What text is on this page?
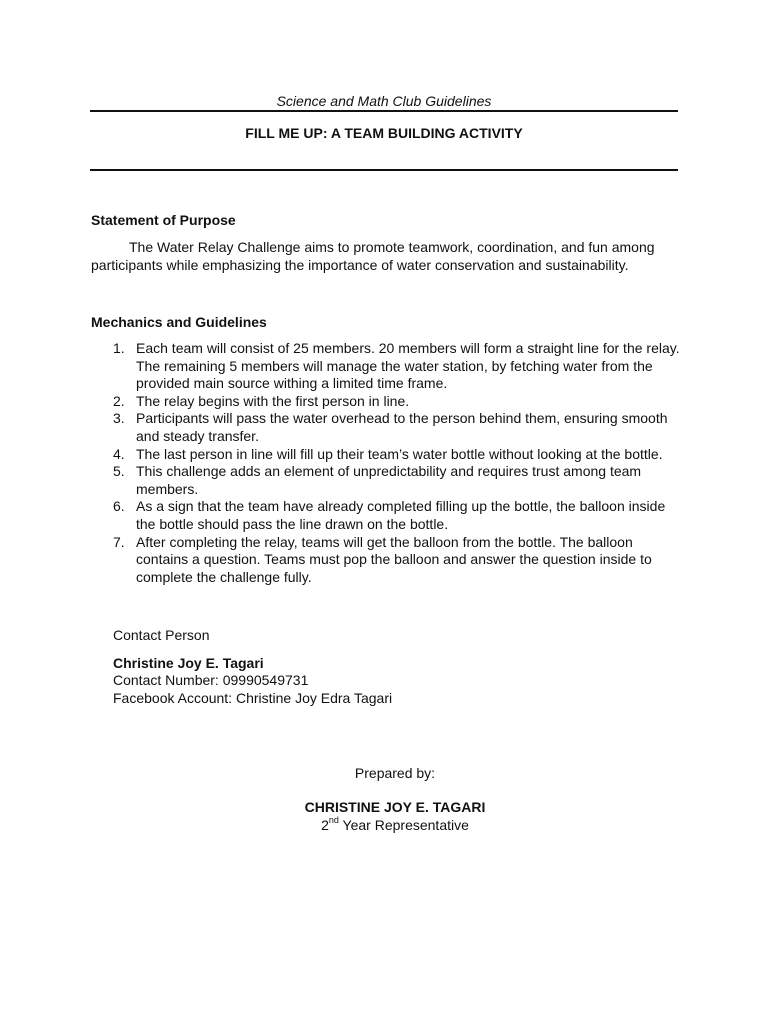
Science and Math Club Guidelines
FILL ME UP: A TEAM BUILDING ACTIVITY
Statement of Purpose
The Water Relay Challenge aims to promote teamwork, coordination, and fun among participants while emphasizing the importance of water conservation and sustainability.
Mechanics and Guidelines
1. Each team will consist of 25 members. 20 members will form a straight line for the relay. The remaining 5 members will manage the water station, by fetching water from the provided main source withing a limited time frame.
2. The relay begins with the first person in line.
3. Participants will pass the water overhead to the person behind them, ensuring smooth and steady transfer.
4. The last person in line will fill up their team’s water bottle without looking at the bottle.
5. This challenge adds an element of unpredictability and requires trust among team members.
6. As a sign that the team have already completed filling up the bottle, the balloon inside the bottle should pass the line drawn on the bottle.
7. After completing the relay, teams will get the balloon from the bottle. The balloon contains a question. Teams must pop the balloon and answer the question inside to complete the challenge fully.
Contact Person
Christine Joy E. Tagari
Contact Number: 09990549731
Facebook Account: Christine Joy Edra Tagari
Prepared by:
CHRISTINE JOY E. TAGARI
2nd Year Representative
